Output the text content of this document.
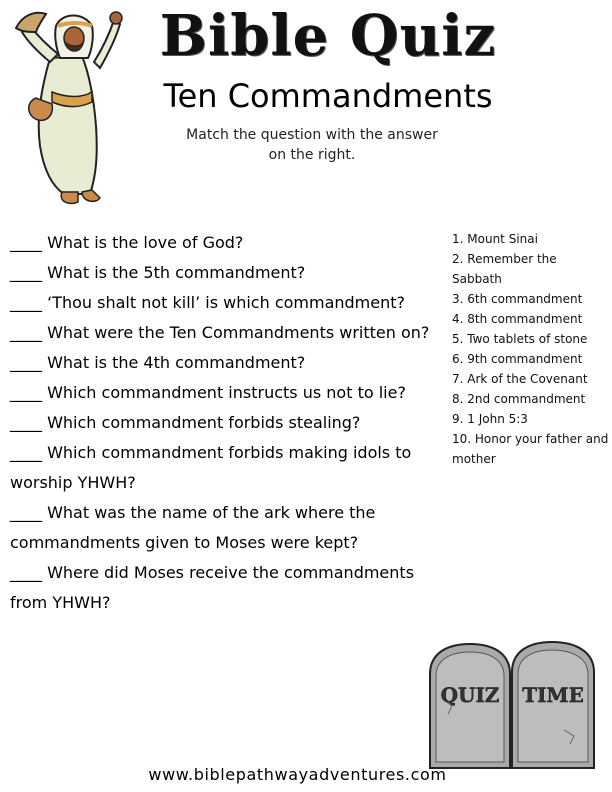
Bible Quiz
Ten Commandments
Match the question with the answer on the right.
____ What is the love of God?
____ What is the 5th commandment?
____ ‘Thou shalt not kill’ is which commandment?
____ What were the Ten Commandments written on?
____ What is the 4th commandment?
____ Which commandment instructs us not to lie?
____ Which commandment forbids stealing?
____ Which commandment forbids making idols to worship YHWH?
____ What was the name of the ark where the commandments given to Moses were kept?
____ Where did Moses receive the commandments from YHWH?
1. Mount Sinai
2. Remember the Sabbath
3. 6th commandment
4. 8th commandment
5. Two tablets of stone
6. 9th commandment
7. Ark of the Covenant
8. 2nd commandment
9. 1 John 5:3
10. Honor your father and mother
QUIZ TIME
www.biblepathwayadventures.com
